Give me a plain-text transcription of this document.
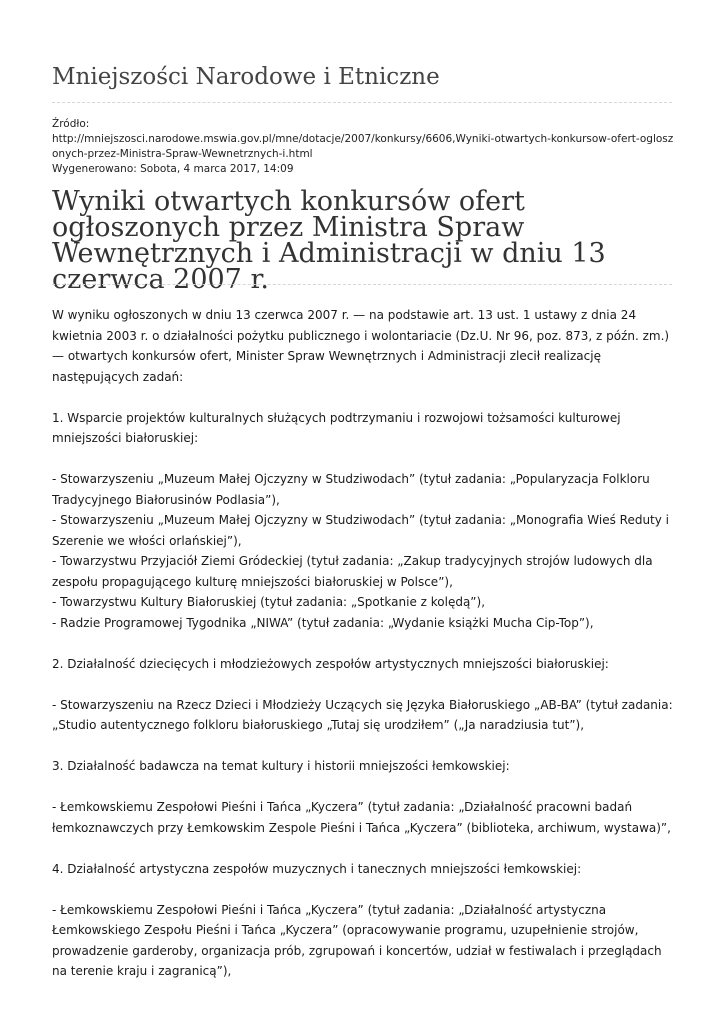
Mniejszości Narodowe i Etniczne
Źródło:
http://mniejszosci.narodowe.mswia.gov.pl/mne/dotacje/2007/konkursy/6606,Wyniki-otwartych-konkursow-ofert-ogloszonych-przez-Ministra-Spraw-Wewnetrznych-i.html
Wygenerowano: Sobota, 4 marca 2017, 14:09
Wyniki otwartych konkursów ofert ogłoszonych przez Ministra Spraw Wewnętrznych i Administracji w dniu 13 czerwca 2007 r.

W wyniku ogłoszonych w dniu 13 czerwca 2007 r. — na podstawie art. 13 ust. 1 ustawy z dnia 24 kwietnia 2003 r. o działalności pożytku publicznego i wolontariacie (Dz.U. Nr 96, poz. 873, z późn. zm.) — otwartych konkursów ofert, Minister Spraw Wewnętrznych i Administracji zlecił realizację następujących zadań:

1. Wsparcie projektów kulturalnych służących podtrzymaniu i rozwojowi tożsamości kulturowej mniejszości białoruskiej:

- Stowarzyszeniu „Muzeum Małej Ojczyzny w Studziwodach” (tytuł zadania: „Popularyzacja Folkloru Tradycyjnego Białorusinów Podlasia”),
- Stowarzyszeniu „Muzeum Małej Ojczyzny w Studziwodach” (tytuł zadania: „Monografia Wieś Reduty i Szerenie we włości orlańskiej”),
- Towarzystwu Przyjaciół Ziemi Gródeckiej (tytuł zadania: „Zakup tradycyjnych strojów ludowych dla zespołu propagującego kulturę mniejszości białoruskiej w Polsce”),
- Towarzystwu Kultury Białoruskiej (tytuł zadania: „Spotkanie z kolędą”),
- Radzie Programowej Tygodnika „NIWA” (tytuł zadania: „Wydanie książki Mucha Cip-Top”),

2. Działalność dziecięcych i młodzieżowych zespołów artystycznych mniejszości białoruskiej:

- Stowarzyszeniu na Rzecz Dzieci i Młodzieży Uczących się Języka Białoruskiego „AB-BA” (tytuł zadania: „Studio autentycznego folkloru białoruskiego „Tutaj się urodziłem” („Ja naradziusia tut”),

3. Działalność badawcza na temat kultury i historii mniejszości łemkowskiej:

- Łemkowskiemu Zespołowi Pieśni i Tańca „Kyczera” (tytuł zadania: „Działalność pracowni badań łemkoznawczych przy Łemkowskim Zespole Pieśni i Tańca „Kyczera” (biblioteka, archiwum, wystawa)”,

4. Działalność artystyczna zespołów muzycznych i tanecznych mniejszości łemkowskiej:

- Łemkowskiemu Zespołowi Pieśni i Tańca „Kyczera” (tytuł zadania: „Działalność artystyczna Łemkowskiego Zespołu Pieśni i Tańca „Kyczera” (opracowywanie programu, uzupełnienie strojów, prowadzenie garderoby, organizacja prób, zgrupowań i koncertów, udział w festiwalach i przeglądach na terenie kraju i zagranicą”),
